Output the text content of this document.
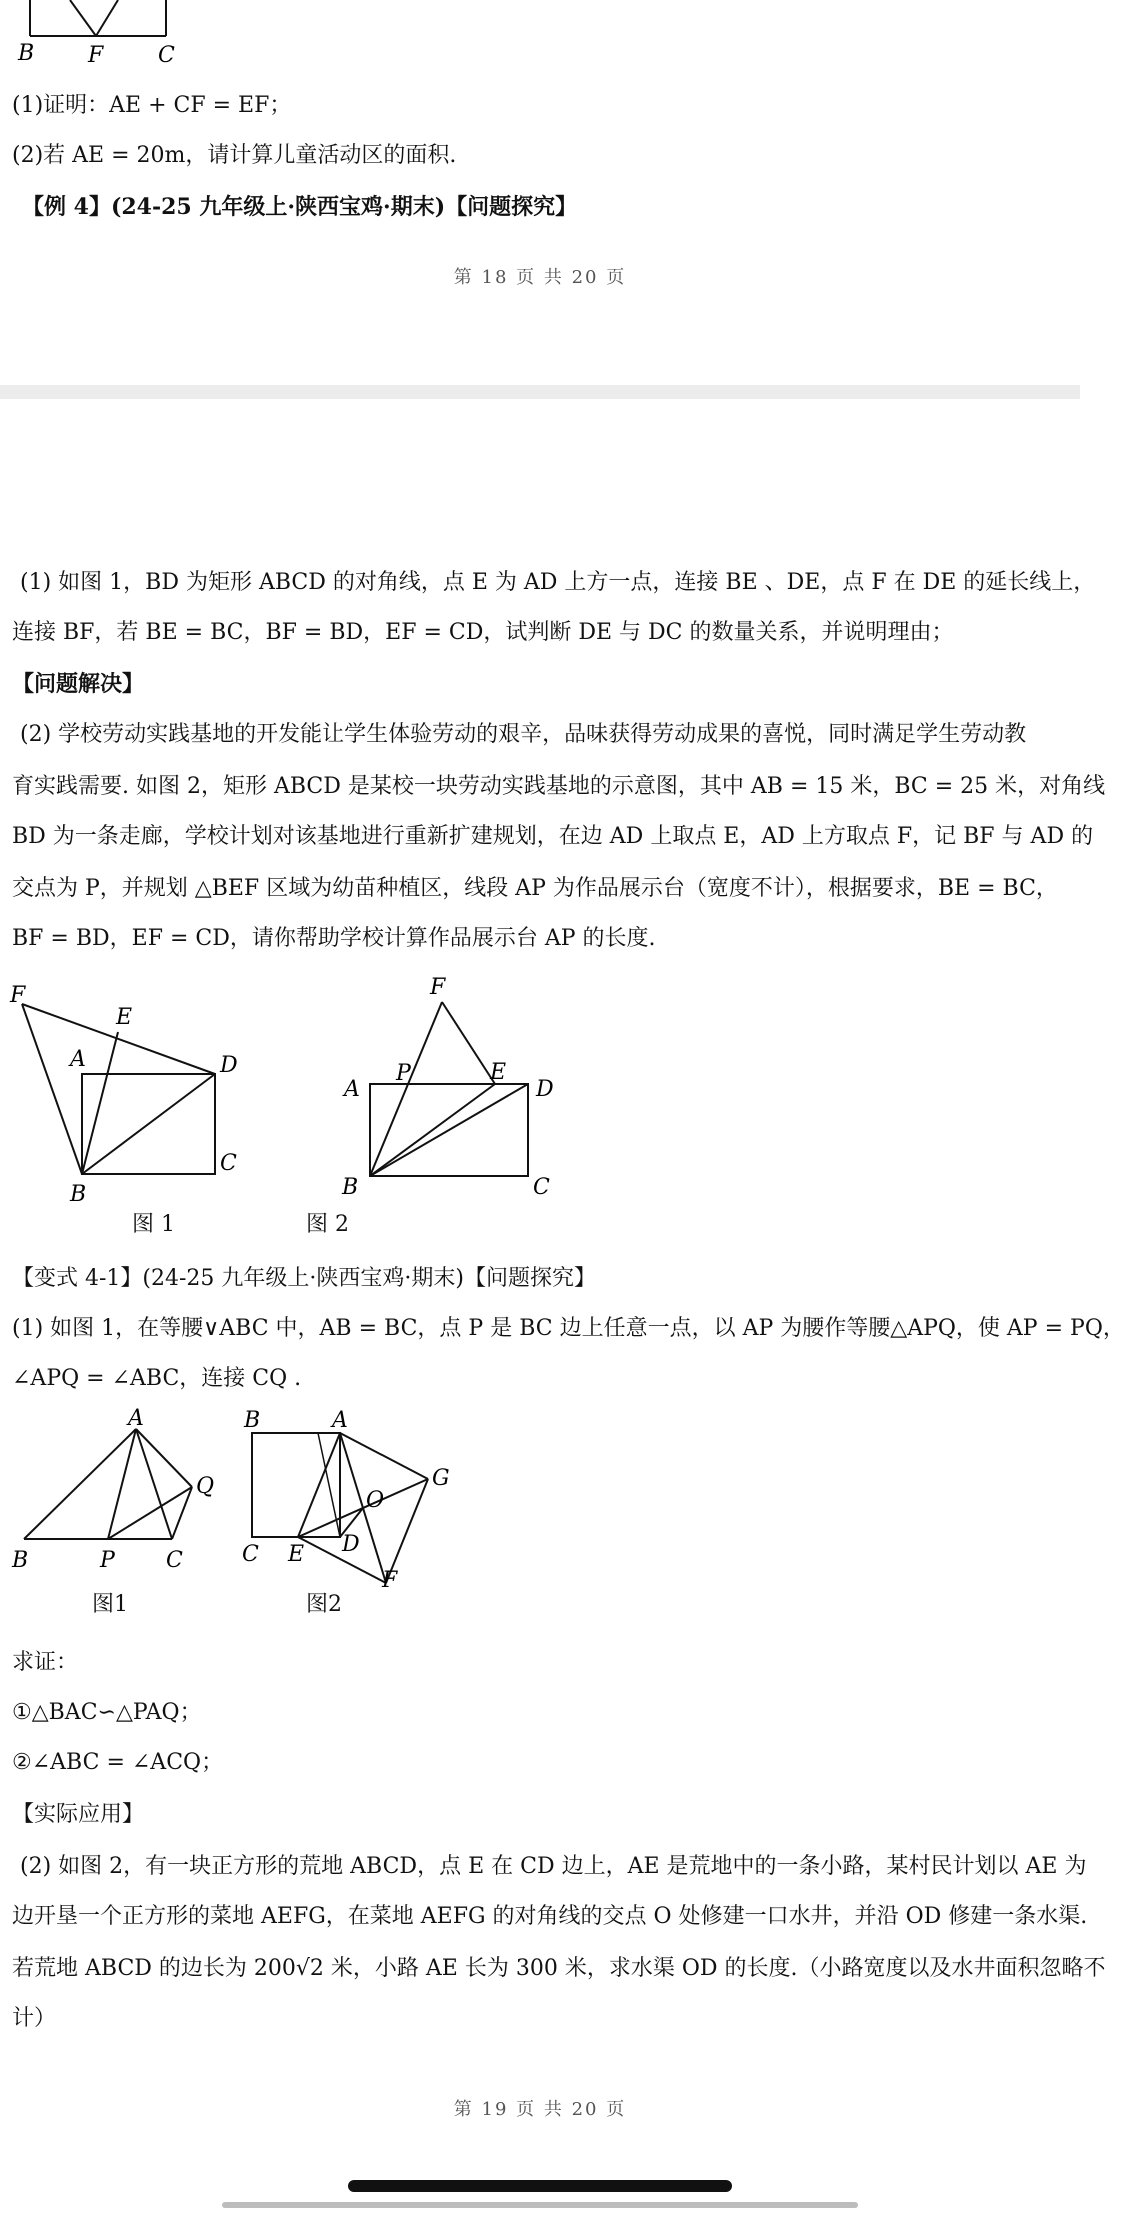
B F C
(1)证明：AE + CF = EF；
(2)若 AE = 20m，请计算儿童活动区的面积.
【例 4】(24-25 九年级上·陕西宝鸡·期末)【问题探究】
第 18 页 共 20 页
(1) 如图 1，BD 为矩形 ABCD 的对角线，点 E 为 AD 上方一点，连接 BE 、DE，点 F 在 DE 的延长线上，
连接 BF，若 BE = BC，BF = BD，EF = CD，试判断 DE 与 DC 的数量关系，并说明理由；
【问题解决】
(2) 学校劳动实践基地的开发能让学生体验劳动的艰辛，品味获得劳动成果的喜悦，同时满足学生劳动教
育实践需要. 如图 2，矩形 ABCD 是某校一块劳动实践基地的示意图，其中 AB = 15 米，BC = 25 米，对角线
BD 为一条走廊，学校计划对该基地进行重新扩建规划，在边 AD 上取点 E，AD 上方取点 F，记 BF 与 AD 的
交点为 P，并规划 △BEF 区域为幼苗种植区，线段 AP 为作品展示台（宽度不计），根据要求，BE = BC，
BF = BD，EF = CD，请你帮助学校计算作品展示台 AP 的长度.
F
E
A	D
B
C
图 1
F
A
P	E
D
B	C
图 2
【变式 4-1】(24-25 九年级上·陕西宝鸡·期末)【问题探究】
(1) 如图 1，在等腰∨ABC 中，AB = BC，点 P 是 BC 边上任意一点，以 AP 为腰作等腰△APQ，使 AP = PQ，
∠APQ = ∠ABC，连接 CQ .
A
Q
B	P C
图1
B	A
G
O
C E D
F
图2
求证：
①△BAC∽△PAQ；
②∠ABC = ∠ACQ；
【实际应用】
(2) 如图 2，有一块正方形的荒地 ABCD，点 E 在 CD 边上，AE 是荒地中的一条小路，某村民计划以 AE 为
边开垦一个正方形的菜地 AEFG，在菜地 AEFG 的对角线的交点 O 处修建一口水井，并沿 OD 修建一条水渠.
若荒地 ABCD 的边长为 200√2 米，小路 AE 长为 300 米，求水渠 OD 的长度.（小路宽度以及水井面积忽略不
计）
第 19 页 共 20 页
